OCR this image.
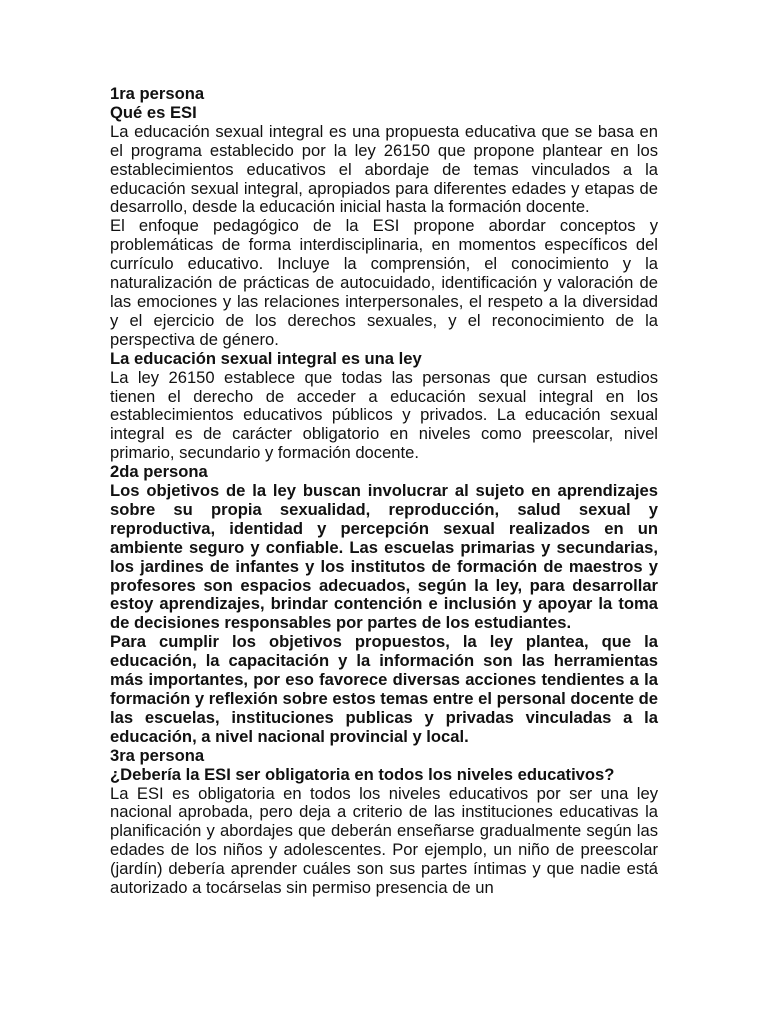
1ra persona

Qué es ESI

La educación sexual integral es una propuesta educativa que se basa en el programa establecido por la ley 26150 que propone plantear en los establecimientos educativos el abordaje de temas vinculados a la educación sexual integral, apropiados para diferentes edades y etapas de desarrollo, desde la educación inicial hasta la formación docente.

El enfoque pedagógico de la ESI propone abordar conceptos y problemáticas de forma interdisciplinaria, en momentos específicos del currículo educativo. Incluye la comprensión, el conocimiento y la naturalización de prácticas de autocuidado, identificación y valoración de las emociones y las relaciones interpersonales, el respeto a la diversidad y el ejercicio de los derechos sexuales, y el reconocimiento de la perspectiva de género.

La educación sexual integral es una ley

La ley 26150 establece que todas las personas que cursan estudios tienen el derecho de acceder a educación sexual integral en los establecimientos educativos públicos y privados. La educación sexual integral es de carácter obligatorio en niveles como preescolar, nivel primario, secundario y formación docente.

2da persona

Los objetivos de la ley buscan involucrar al sujeto en aprendizajes sobre su propia sexualidad, reproducción, salud sexual y reproductiva, identidad y percepción sexual realizados en un ambiente seguro y confiable. Las escuelas primarias y secundarias, los jardines de infantes y los institutos de formación de maestros y profesores son espacios adecuados, según la ley, para desarrollar estoy aprendizajes, brindar contención e inclusión y apoyar la toma de decisiones responsables por partes de los estudiantes.

Para cumplir los objetivos propuestos, la ley plantea, que la educación, la capacitación y la información son las herramientas más importantes, por eso favorece diversas acciones tendientes a la formación y reflexión sobre estos temas entre el personal docente de las escuelas, instituciones publicas y privadas vinculadas a la educación, a nivel nacional provincial y local.

3ra persona

¿Debería la ESI ser obligatoria en todos los niveles educativos?

La ESI es obligatoria en todos los niveles educativos por ser una ley nacional aprobada, pero deja a criterio de las instituciones educativas la planificación y abordajes que deberán enseñarse gradualmente según las edades de los niños y adolescentes. Por ejemplo, un niño de preescolar (jardín) debería aprender cuáles son sus partes íntimas y que nadie está autorizado a tocárselas sin permiso presencia de un
